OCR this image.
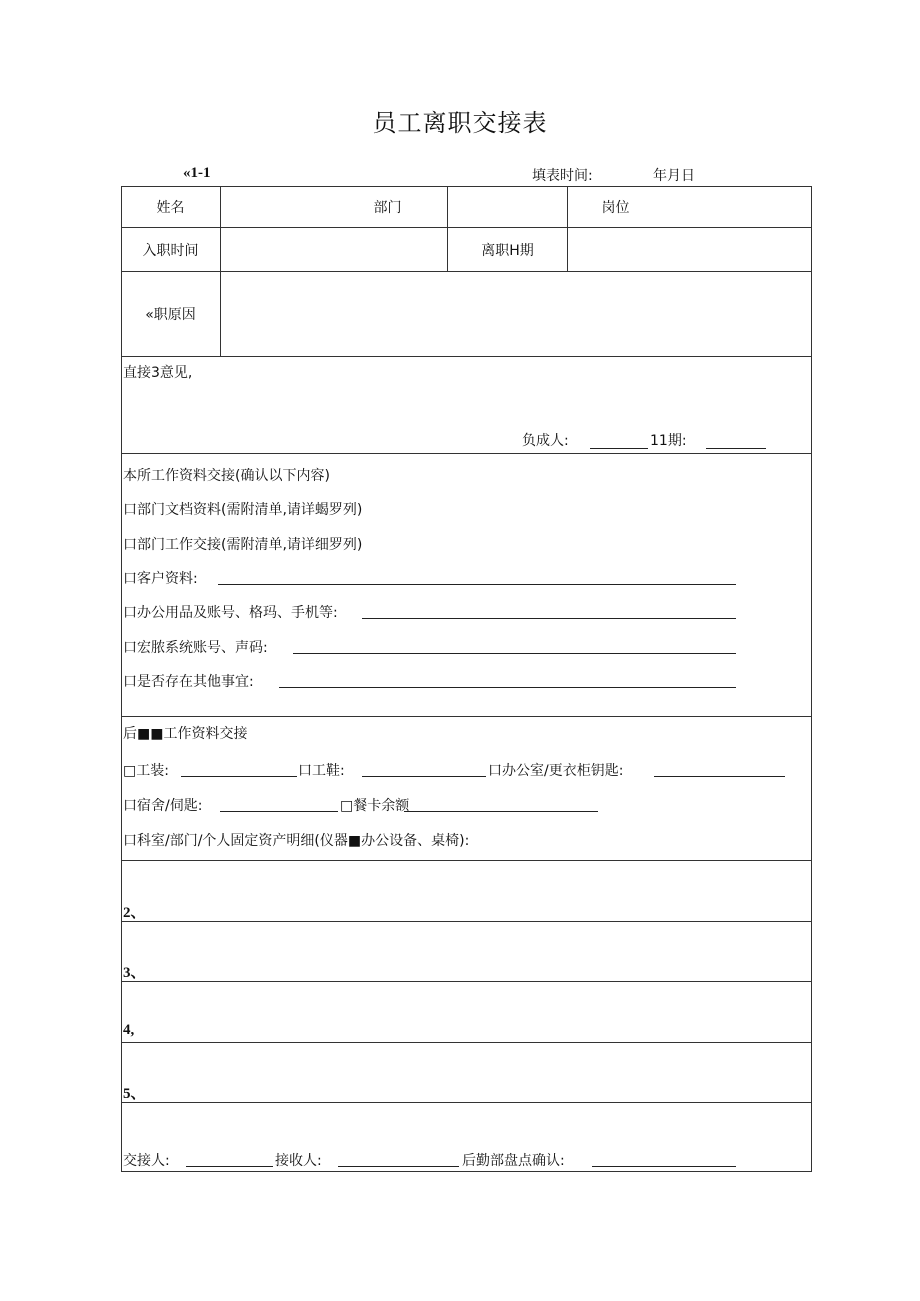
员工离职交接表
«1-1	填表时间:	年月日
姓名	部门	岗位
入职时间	离职H期
«职原因
直接3意见,
负成人:	11期:
本所工作资料交接(确认以下内容)
口部门文档资料(需附清单,请详蝎罗列)
口部门工作交接(需附清单,请详细罗列)
口客户资料:
口办公用品及账号、格玛、手机等:
口宏脓系统账号、声码:
口是否存在其他事宜:
后■■工作资料交接
□工装:	口工鞋:	口办公室/更衣柜钥匙:
口宿舍/伺匙:	□餐卡余额
口科室/部门/个人固定资产明细(仪器■办公设备、桌椅):
2、
3、
4,
5、
交接人:	接收人:	后勤部盘点确认:
